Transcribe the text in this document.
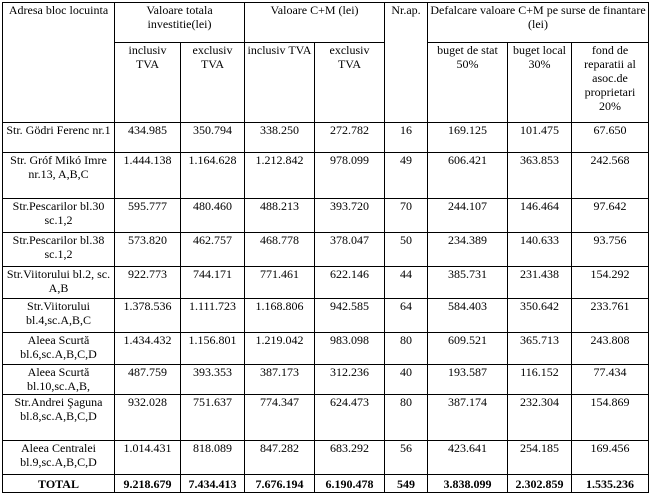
Adresa bloc locuinta	Valoare totala investitie(lei)		Valoare C+M (lei)		Nr.ap.	Defalcare valoare C+M pe surse de finantare (lei)		
	inclusiv TVA	exclusiv TVA	inclusiv TVA	exclusiv TVA		buget de stat 50%	buget local 30%	fond de reparatii al asoc.de proprietari 20%
Str. Gödri Ferenc nr.1	434.985	350.794	338.250	272.782	16	169.125	101.475	67.650
Str. Gróf Mikó Imre nr.13, A,B,C	1.444.138	1.164.628	1.212.842	978.099	49	606.421	363.853	242.568
Str.Pescarilor bl.30 sc.1,2	595.777	480.460	488.213	393.720	70	244.107	146.464	97.642
Str.Pescarilor bl.38 sc.1,2	573.820	462.757	468.778	378.047	50	234.389	140.633	93.756
Str.Viitorului bl.2, sc. A,B	922.773	744.171	771.461	622.146	44	385.731	231.438	154.292
Str.Viitorului bl.4,sc.A,B,C	1.378.536	1.111.723	1.168.806	942.585	64	584.403	350.642	233.761
Aleea Scurtă bl.6,sc.A,B,C,D	1.434.432	1.156.801	1.219.042	983.098	80	609.521	365.713	243.808
Aleea Scurtă bl.10,sc.A,B,	487.759	393.353	387.173	312.236	40	193.587	116.152	77.434
Str.Andrei Şaguna bl.8,sc.A,B,C,D	932.028	751.637	774.347	624.473	80	387.174	232.304	154.869
Aleea Centralei bl.9,sc.A,B,C,D	1.014.431	818.089	847.282	683.292	56	423.641	254.185	169.456
TOTAL	9.218.679	7.434.413	7.676.194	6.190.478	549	3.838.099	2.302.859	1.535.236
